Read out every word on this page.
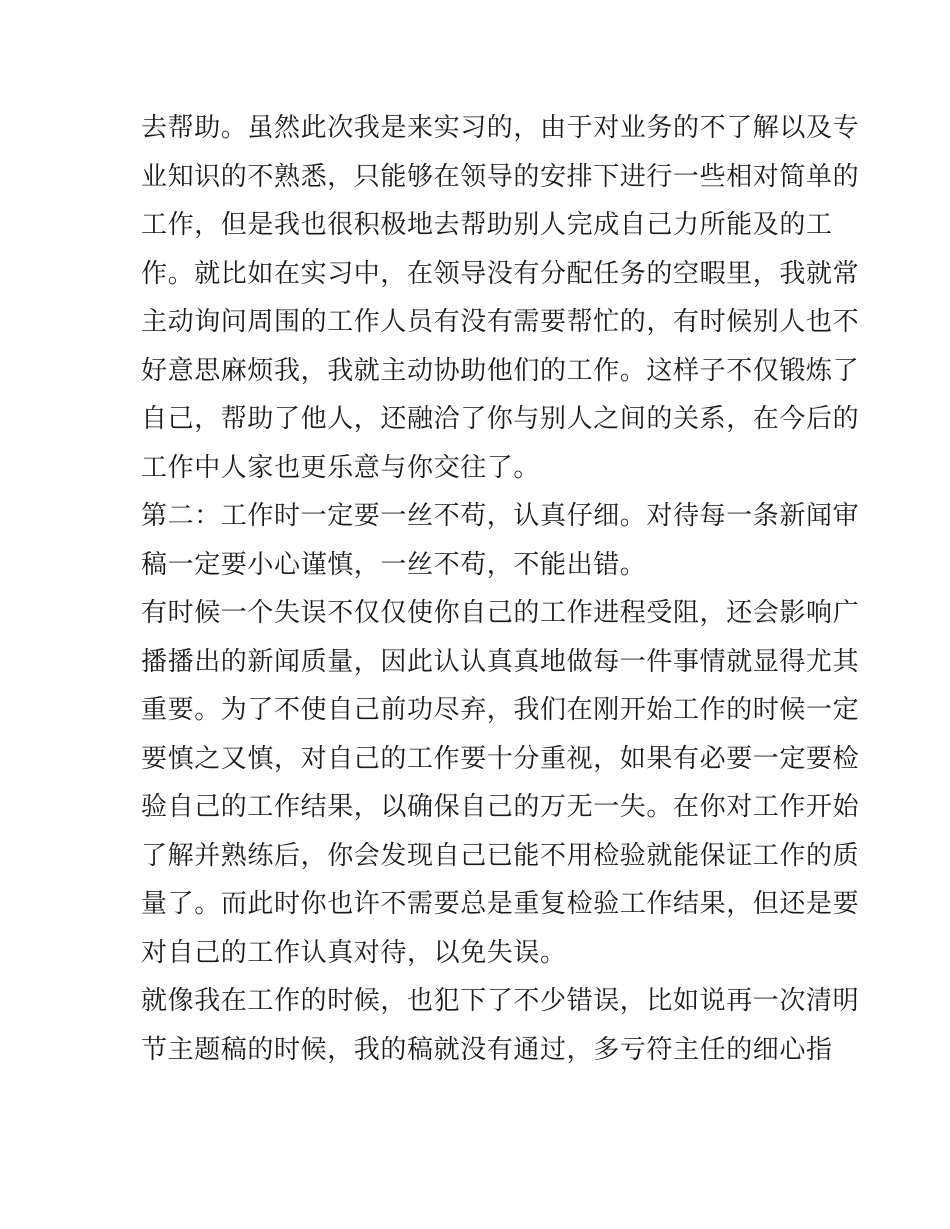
去帮助。虽然此次我是来实习的，由于对业务的不了解以及专
业知识的不熟悉，只能够在领导的安排下进行一些相对简单的
工作，但是我也很积极地去帮助别人完成自己力所能及的工
作。就比如在实习中，在领导没有分配任务的空暇里，我就常
主动询问周围的工作人员有没有需要帮忙的，有时候别人也不
好意思麻烦我，我就主动协助他们的工作。这样子不仅锻炼了
自己，帮助了他人，还融洽了你与别人之间的关系，在今后的
工作中人家也更乐意与你交往了。
第二：工作时一定要一丝不苟，认真仔细。对待每一条新闻审
稿一定要小心谨慎，一丝不苟，不能出错。
有时候一个失误不仅仅使你自己的工作进程受阻，还会影响广
播播出的新闻质量，因此认认真真地做每一件事情就显得尤其
重要。为了不使自己前功尽弃，我们在刚开始工作的时候一定
要慎之又慎，对自己的工作要十分重视，如果有必要一定要检
验自己的工作结果，以确保自己的万无一失。在你对工作开始
了解并熟练后，你会发现自己已能不用检验就能保证工作的质
量了。而此时你也许不需要总是重复检验工作结果，但还是要
对自己的工作认真对待，以免失误。
就像我在工作的时候，也犯下了不少错误，比如说再一次清明
节主题稿的时候，我的稿就没有通过，多亏符主任的细心指
